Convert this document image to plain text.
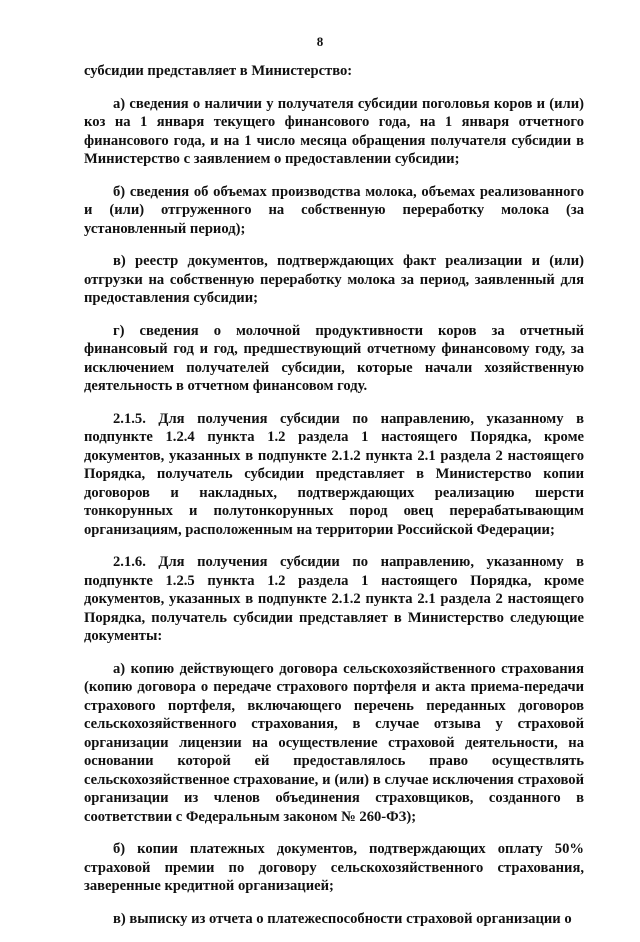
8

субсидии представляет в Министерство:

а) сведения о наличии у получателя субсидии поголовья коров и (или) коз на 1 января текущего финансового года, на 1 января отчетного финансового года, и на 1 число месяца обращения получателя субсидии в Министерство с заявлением о предоставлении субсидии;

б) сведения об объемах производства молока, объемах реализованного и (или) отгруженного на собственную переработку молока (за установленный период);

в) реестр документов, подтверждающих факт реализации и (или) отгрузки на собственную переработку молока за период, заявленный для предоставления субсидии;

г) сведения о молочной продуктивности коров за отчетный финансовый год и год, предшествующий отчетному финансовому году, за исключением получателей субсидии, которые начали хозяйственную деятельность в отчетном финансовом году.

2.1.5. Для получения субсидии по направлению, указанному в подпункте 1.2.4 пункта 1.2 раздела 1 настоящего Порядка, кроме документов, указанных в подпункте 2.1.2 пункта 2.1 раздела 2 настоящего Порядка, получатель субсидии представляет в Министерство копии договоров и накладных, подтверждающих реализацию шерсти тонкорунных и полутонкорунных пород овец перерабатывающим организациям, расположенным на территории Российской Федерации;

2.1.6. Для получения субсидии по направлению, указанному в подпункте 1.2.5 пункта 1.2 раздела 1 настоящего Порядка, кроме документов, указанных в подпункте 2.1.2 пункта 2.1 раздела 2 настоящего Порядка, получатель субсидии представляет в Министерство следующие документы:

а) копию действующего договора сельскохозяйственного страхования (копию договора о передаче страхового портфеля и акта приема-передачи страхового портфеля, включающего перечень переданных договоров сельскохозяйственного страхования, в случае отзыва у страховой организации лицензии на осуществление страховой деятельности, на основании которой ей предоставлялось право осуществлять сельскохозяйственное страхование, и (или) в случае исключения страховой организации из членов объединения страховщиков, созданного в соответствии с Федеральным законом № 260-ФЗ);

б) копии платежных документов, подтверждающих оплату 50% страховой премии по договору сельскохозяйственного страхования, заверенные кредитной организацией;

в) выписку из отчета о платежеспособности страховой организации о
